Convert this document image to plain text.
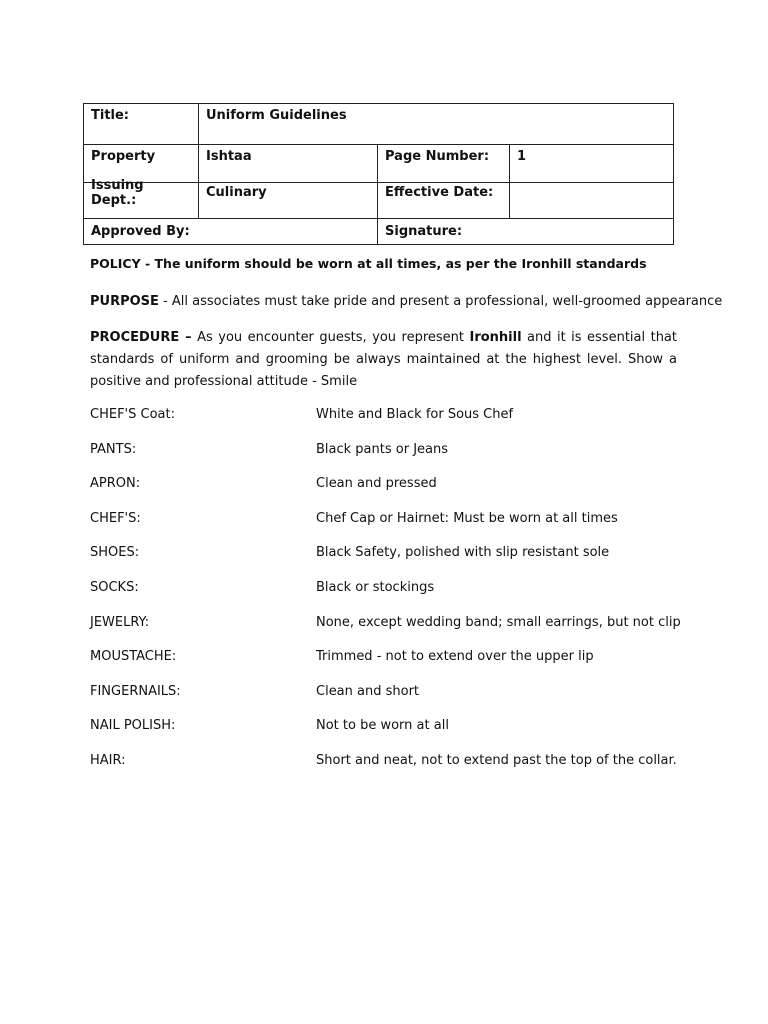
Title:	Uniform Guidelines		
Property	Ishtaa	Page Number:	1
Issuing Dept.:	Culinary	Effective Date:	
Approved By:		Signature:	
POLICY - The uniform should be worn at all times, as per the Ironhill standards
PURPOSE - All associates must take pride and present a professional, well-groomed appearance
PROCEDURE – As you encounter guests, you represent Ironhill and it is essential that standards of uniform and grooming be always maintained at the highest level. Show a positive and professional attitude - Smile
CHEF'S Coat:	White and Black for Sous Chef
PANTS:	Black pants or Jeans
APRON:	Clean and pressed
CHEF'S:	Chef Cap or Hairnet: Must be worn at all times
SHOES:	Black Safety, polished with slip resistant sole
SOCKS:	Black or stockings
JEWELRY:	None, except wedding band; small earrings, but not clip
MOUSTACHE:	Trimmed - not to extend over the upper lip
FINGERNAILS:	Clean and short
NAIL POLISH:	Not to be worn at all
HAIR:	Short and neat, not to extend past the top of the collar.
